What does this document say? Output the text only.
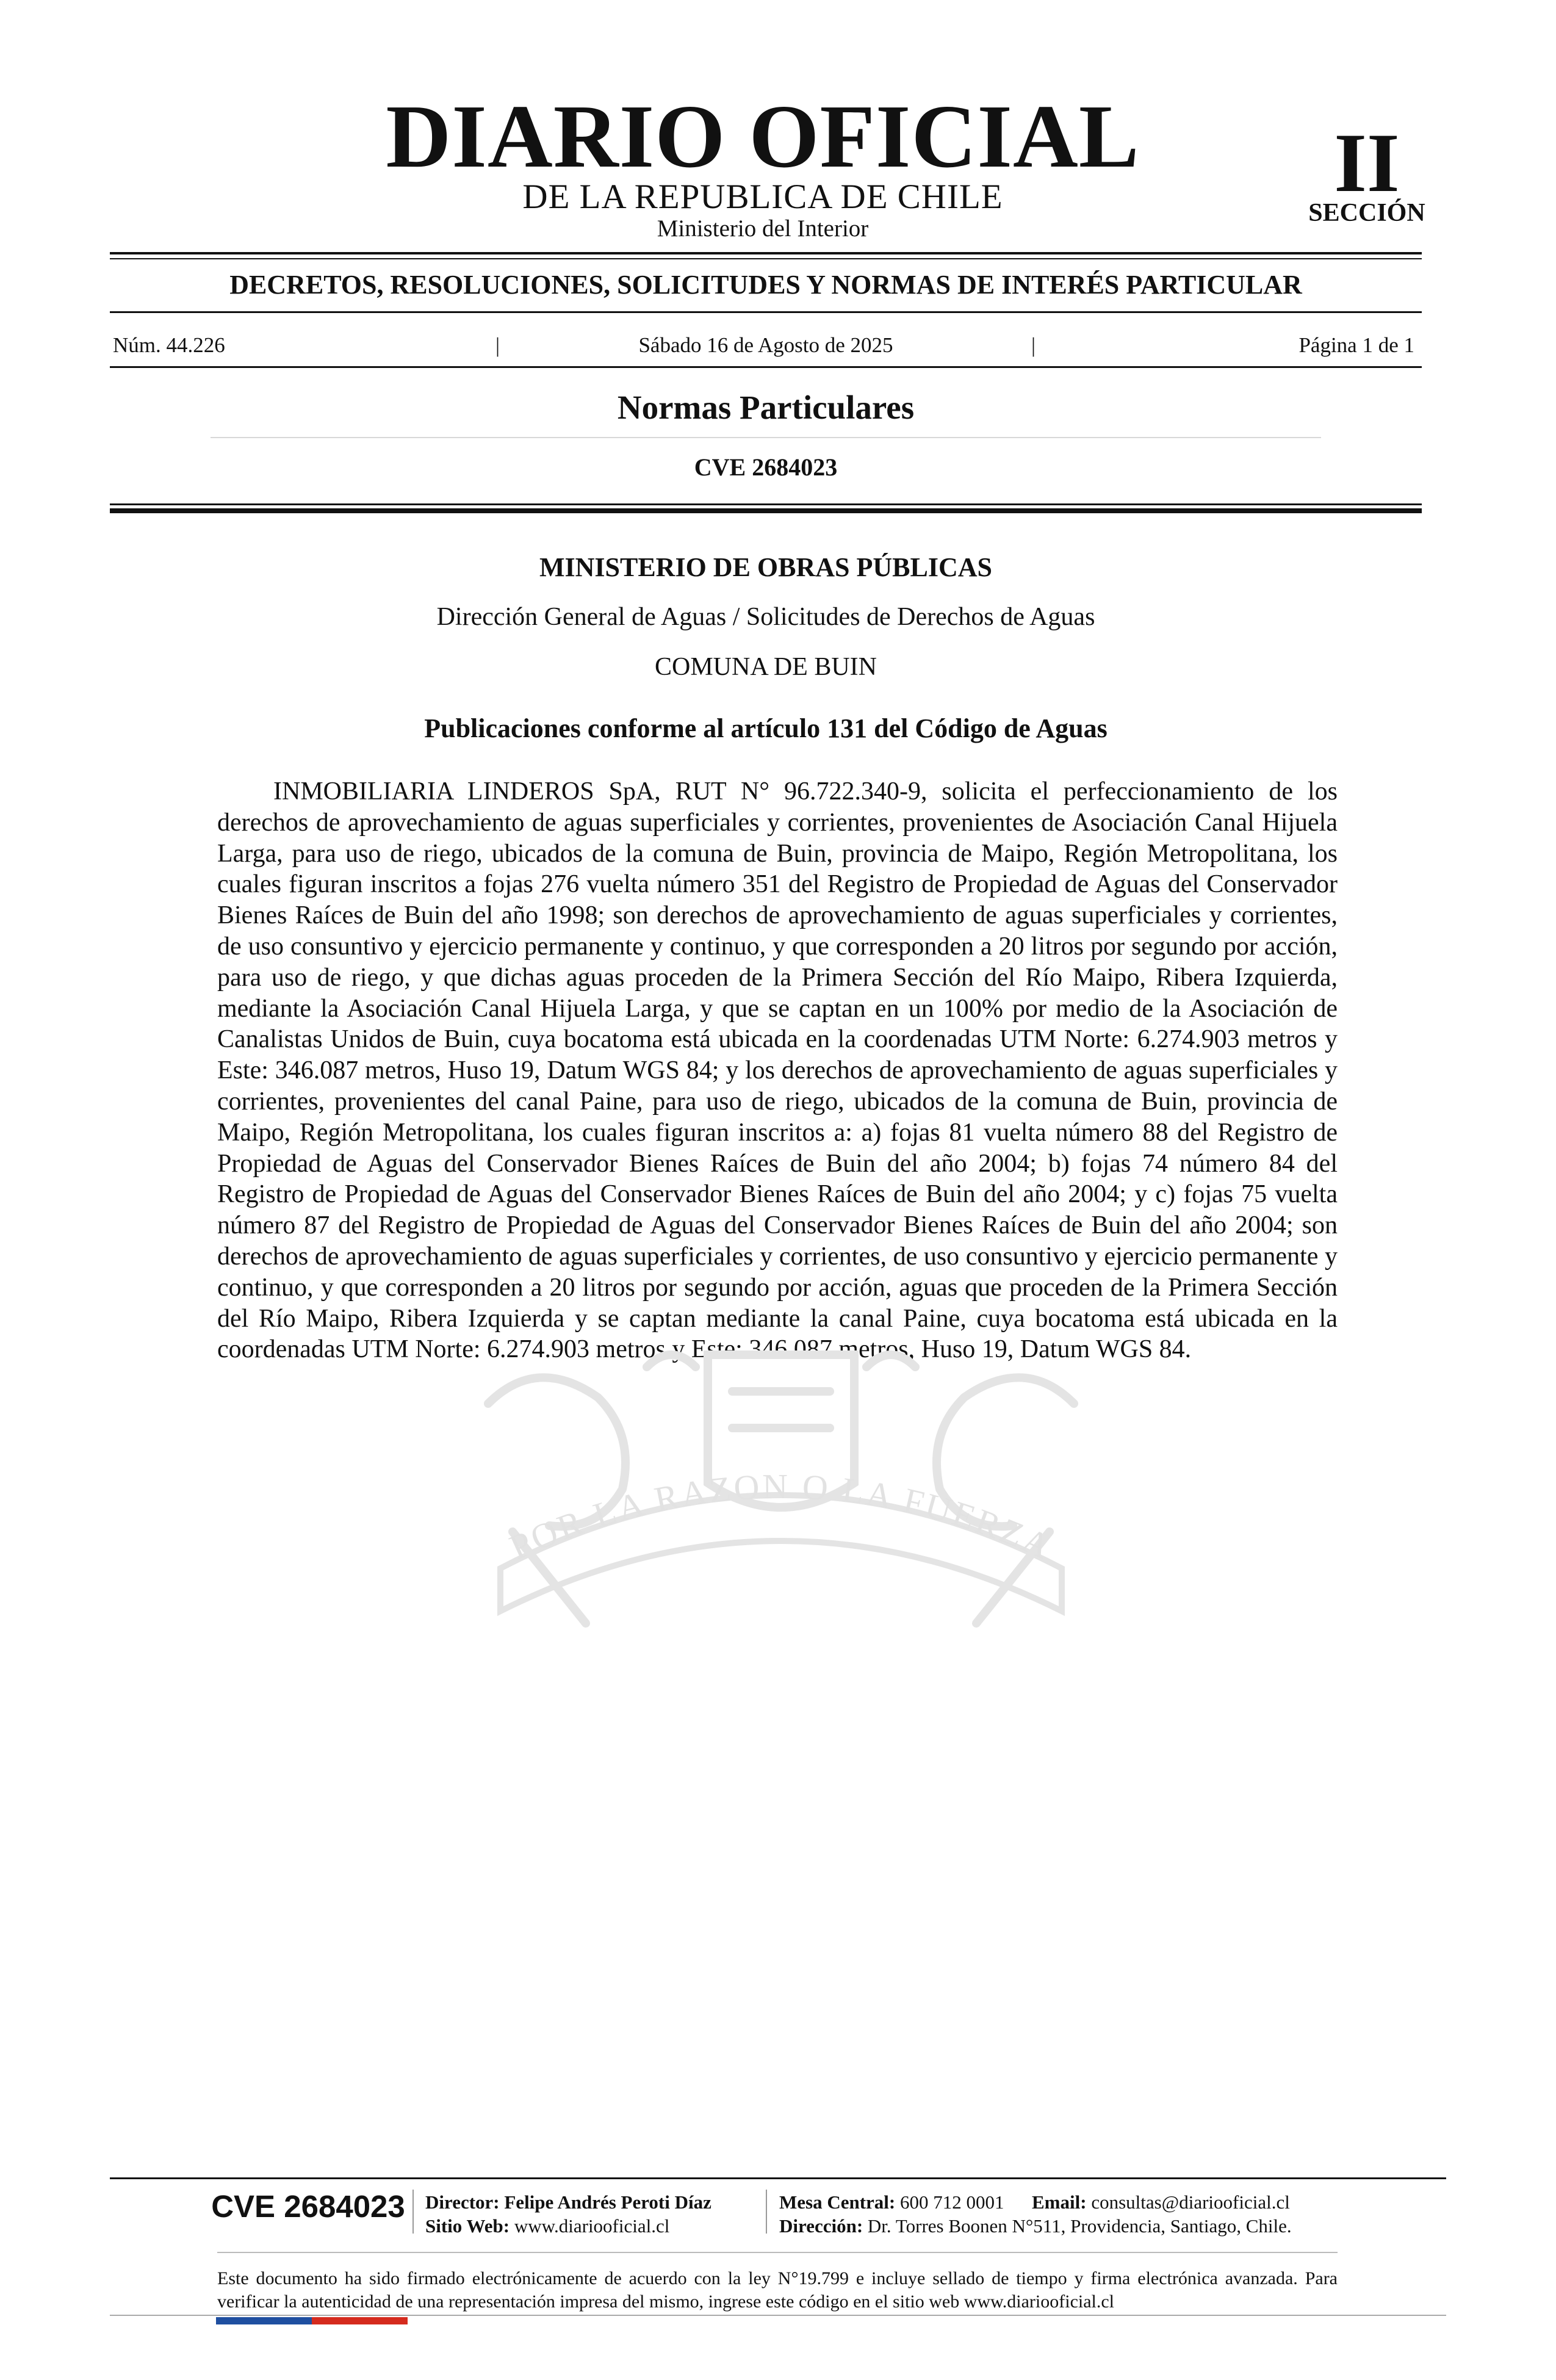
DIARIO OFICIAL
DE LA REPUBLICA DE CHILE
Ministerio del Interior
II
SECCIÓN
DECRETOS, RESOLUCIONES, SOLICITUDES Y NORMAS DE INTERÉS PARTICULAR
Núm. 44.226	|	Sábado 16 de Agosto de 2025	|	Página 1 de 1
Normas Particulares
CVE 2684023
MINISTERIO DE OBRAS PÚBLICAS
Dirección General de Aguas / Solicitudes de Derechos de Aguas
COMUNA DE BUIN
Publicaciones conforme al artículo 131 del Código de Aguas

INMOBILIARIA LINDEROS SpA, RUT N° 96.722.340-9, solicita el perfeccionamiento de los derechos de aprovechamiento de aguas superficiales y corrientes, provenientes de Asociación Canal Hijuela Larga, para uso de riego, ubicados de la comuna de Buin, provincia de Maipo, Región Metropolitana, los cuales figuran inscritos a fojas 276 vuelta número 351 del Registro de Propiedad de Aguas del Conservador Bienes Raíces de Buin del año 1998; son derechos de aprovechamiento de aguas superficiales y corrientes, de uso consuntivo y ejercicio permanente y continuo, y que corresponden a 20 litros por segundo por acción, para uso de riego, y que dichas aguas proceden de la Primera Sección del Río Maipo, Ribera Izquierda, mediante la Asociación Canal Hijuela Larga, y que se captan en un 100% por medio de la Asociación de Canalistas Unidos de Buin, cuya bocatoma está ubicada en la coordenadas UTM Norte: 6.274.903 metros y Este: 346.087 metros, Huso 19, Datum WGS 84; y los derechos de aprovechamiento de aguas superficiales y corrientes, provenientes del canal Paine, para uso de riego, ubicados de la comuna de Buin, provincia de Maipo, Región Metropolitana, los cuales figuran inscritos a: a) fojas 81 vuelta número 88 del Registro de Propiedad de Aguas del Conservador Bienes Raíces de Buin del año 2004; b) fojas 74 número 84 del Registro de Propiedad de Aguas del Conservador Bienes Raíces de Buin del año 2004; y c) fojas 75 vuelta número 87 del Registro de Propiedad de Aguas del Conservador Bienes Raíces de Buin del año 2004; son derechos de aprovechamiento de aguas superficiales y corrientes, de uso consuntivo y ejercicio permanente y continuo, y que corresponden a 20 litros por segundo por acción, aguas que proceden de la Primera Sección del Río Maipo, Ribera Izquierda y se captan mediante la canal Paine, cuya bocatoma está ubicada en la coordenadas UTM Norte: 6.274.903 metros y Este: 346.087 metros, Huso 19, Datum WGS 84.

POR LA RAZON O LA FUERZA
CVE 2684023 Director: Felipe Andrés Peroti Díaz
Sitio Web: www.diariooficial.cl
Mesa Central: 600 712 0001 Email: consultas@diariooficial.cl
Dirección: Dr. Torres Boonen N°511, Providencia, Santiago, Chile.

Este documento ha sido firmado electrónicamente de acuerdo con la ley N°19.799 e incluye sellado de tiempo y firma electrónica avanzada. Para verificar la autenticidad de una representación impresa del mismo, ingrese este código en el sitio web www.diariooficial.cl
